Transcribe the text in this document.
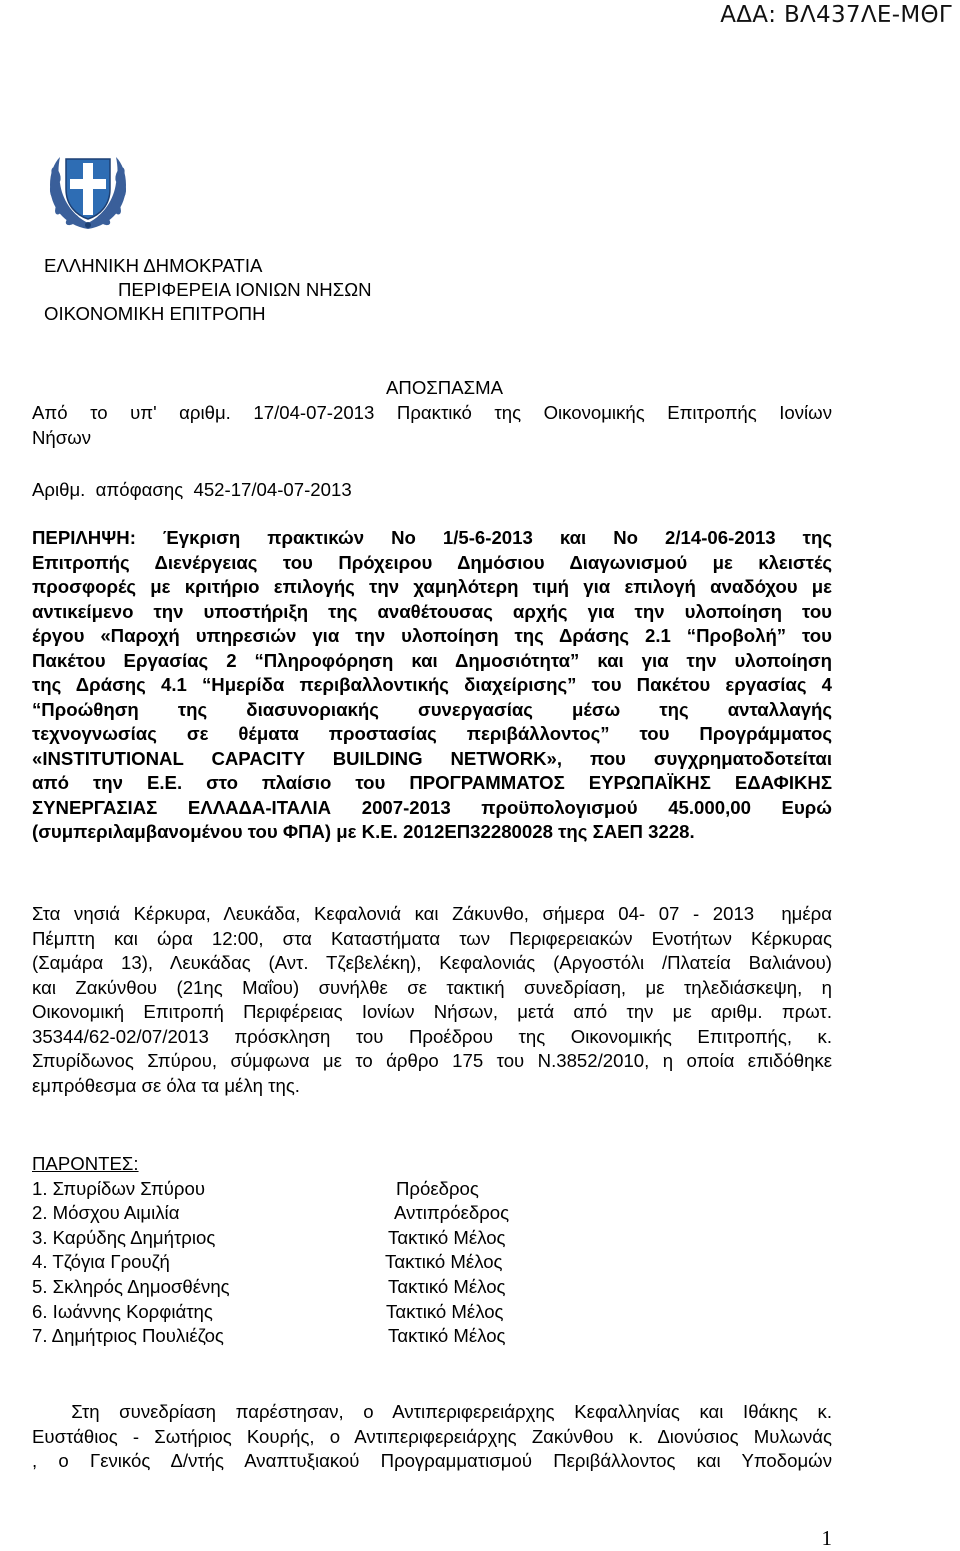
ΑΔΑ: ΒΛ437ΛΕ-ΜΘΓ
ΕΛΛΗΝΙΚΗ ΔΗΜΟΚΡΑΤΙΑ
ΠΕΡΙΦΕΡΕΙΑ ΙΟΝΙΩΝ ΝΗΣΩΝ
ΟΙΚΟΝΟΜΙΚΗ ΕΠΙΤΡΟΠΗ
ΑΠΟΣΠΑΣΜΑ
Από το υπ' αριθμ. 17/04-07-2013 Πρακτικό της Οικονομικής Επιτροπής Ιονίων
Νήσων
Αριθμ.  απόφασης  452-17/04-07-2013
ΠΕΡΙΛΗΨΗ: Έγκριση πρακτικών Νο 1/5-6-2013 και Νο 2/14-06-2013 της
Επιτροπής Διενέργειας του Πρόχειρου Δημόσιου Διαγωνισμού με κλειστές
προσφορές με κριτήριο επιλογής την χαμηλότερη τιμή για επιλογή αναδόχου με
αντικείμενο την υποστήριξη της αναθέτουσας αρχής για την υλοποίηση του
έργου «Παροχή υπηρεσιών για την υλοποίηση της Δράσης 2.1 “Προβολή” του
Πακέτου Εργασίας 2 “Πληροφόρηση και Δημοσιότητα” και για την υλοποίηση
της Δράσης 4.1 “Ημερίδα περιβαλλοντικής διαχείρισης” του Πακέτου εργασίας 4
“Προώθηση της διασυνοριακής συνεργασίας μέσω της ανταλλαγής
τεχνογνωσίας σε θέματα προστασίας περιβάλλοντος” του Προγράμματος
«INSTITUTIONAL CAPACITY BUILDING NETWORK», που συγχρηματοδοτείται
από την Ε.Ε. στο πλαίσιο του ΠΡΟΓΡΑΜΜΑΤΟΣ ΕΥΡΩΠΑΪΚΗΣ ΕΔΑΦΙΚΗΣ
ΣΥΝΕΡΓΑΣΙΑΣ ΕΛΛΑΔΑ-ΙΤΑΛΙΑ 2007-2013 προϋπολογισμού 45.000,00 Ευρώ
(συμπεριλαμβανομένου του ΦΠΑ) με Κ.Ε. 2012ΕΠ32280028 της ΣΑΕΠ 3228.
Στα νησιά Κέρκυρα, Λευκάδα, Κεφαλονιά και Ζάκυνθο, σήμερα 04- 07 - 2013  ημέρα
Πέμπτη και ώρα 12:00, στα Καταστήματα των Περιφερειακών Ενοτήτων Κέρκυρας
(Σαμάρα 13), Λευκάδας (Αντ. Τζεβελέκη), Κεφαλονιάς (Αργοστόλι /Πλατεία Βαλιάνου)
και Ζακύνθου (21ης Μαΐου) συνήλθε σε τακτική συνεδρίαση, με τηλεδιάσκεψη, η
Οικονομική Επιτροπή Περιφέρειας Ιονίων Νήσων, μετά από την με αριθμ. πρωτ.
35344/62-02/07/2013 πρόσκληση του Προέδρου της Οικονομικής Επιτροπής, κ.
Σπυρίδωνος Σπύρου, σύμφωνα με το άρθρο 175 του Ν.3852/2010, η οποία επιδόθηκε
εμπρόθεσμα σε όλα τα μέλη της.
ΠΑΡΟΝΤΕΣ:
1. Σπυρίδων Σπύρου	Πρόεδρος
2. Μόσχου Αιμιλία	Αντιπρόεδρος
3. Καρύδης Δημήτριος	Τακτικό Μέλος
4. Τζόγια Γρουζή	Τακτικό Μέλος
5. Σκληρός Δημοσθένης	Τακτικό Μέλος
6. Ιωάννης Κορφιάτης	Τακτικό Μέλος
7. Δημήτριος Πουλιέζος	Τακτικό Μέλος
Στη συνεδρίαση παρέστησαν, ο Αντιπεριφερειάρχης Κεφαλληνίας και Ιθάκης κ.
Ευστάθιος - Σωτήριος Κουρής, ο Αντιπεριφερειάρχης Ζακύνθου κ. Διονύσιος Μυλωνάς
, ο Γενικός Δ/ντής Αναπτυξιακού Προγραμματισμού Περιβάλλοντος και Υποδομών
1
